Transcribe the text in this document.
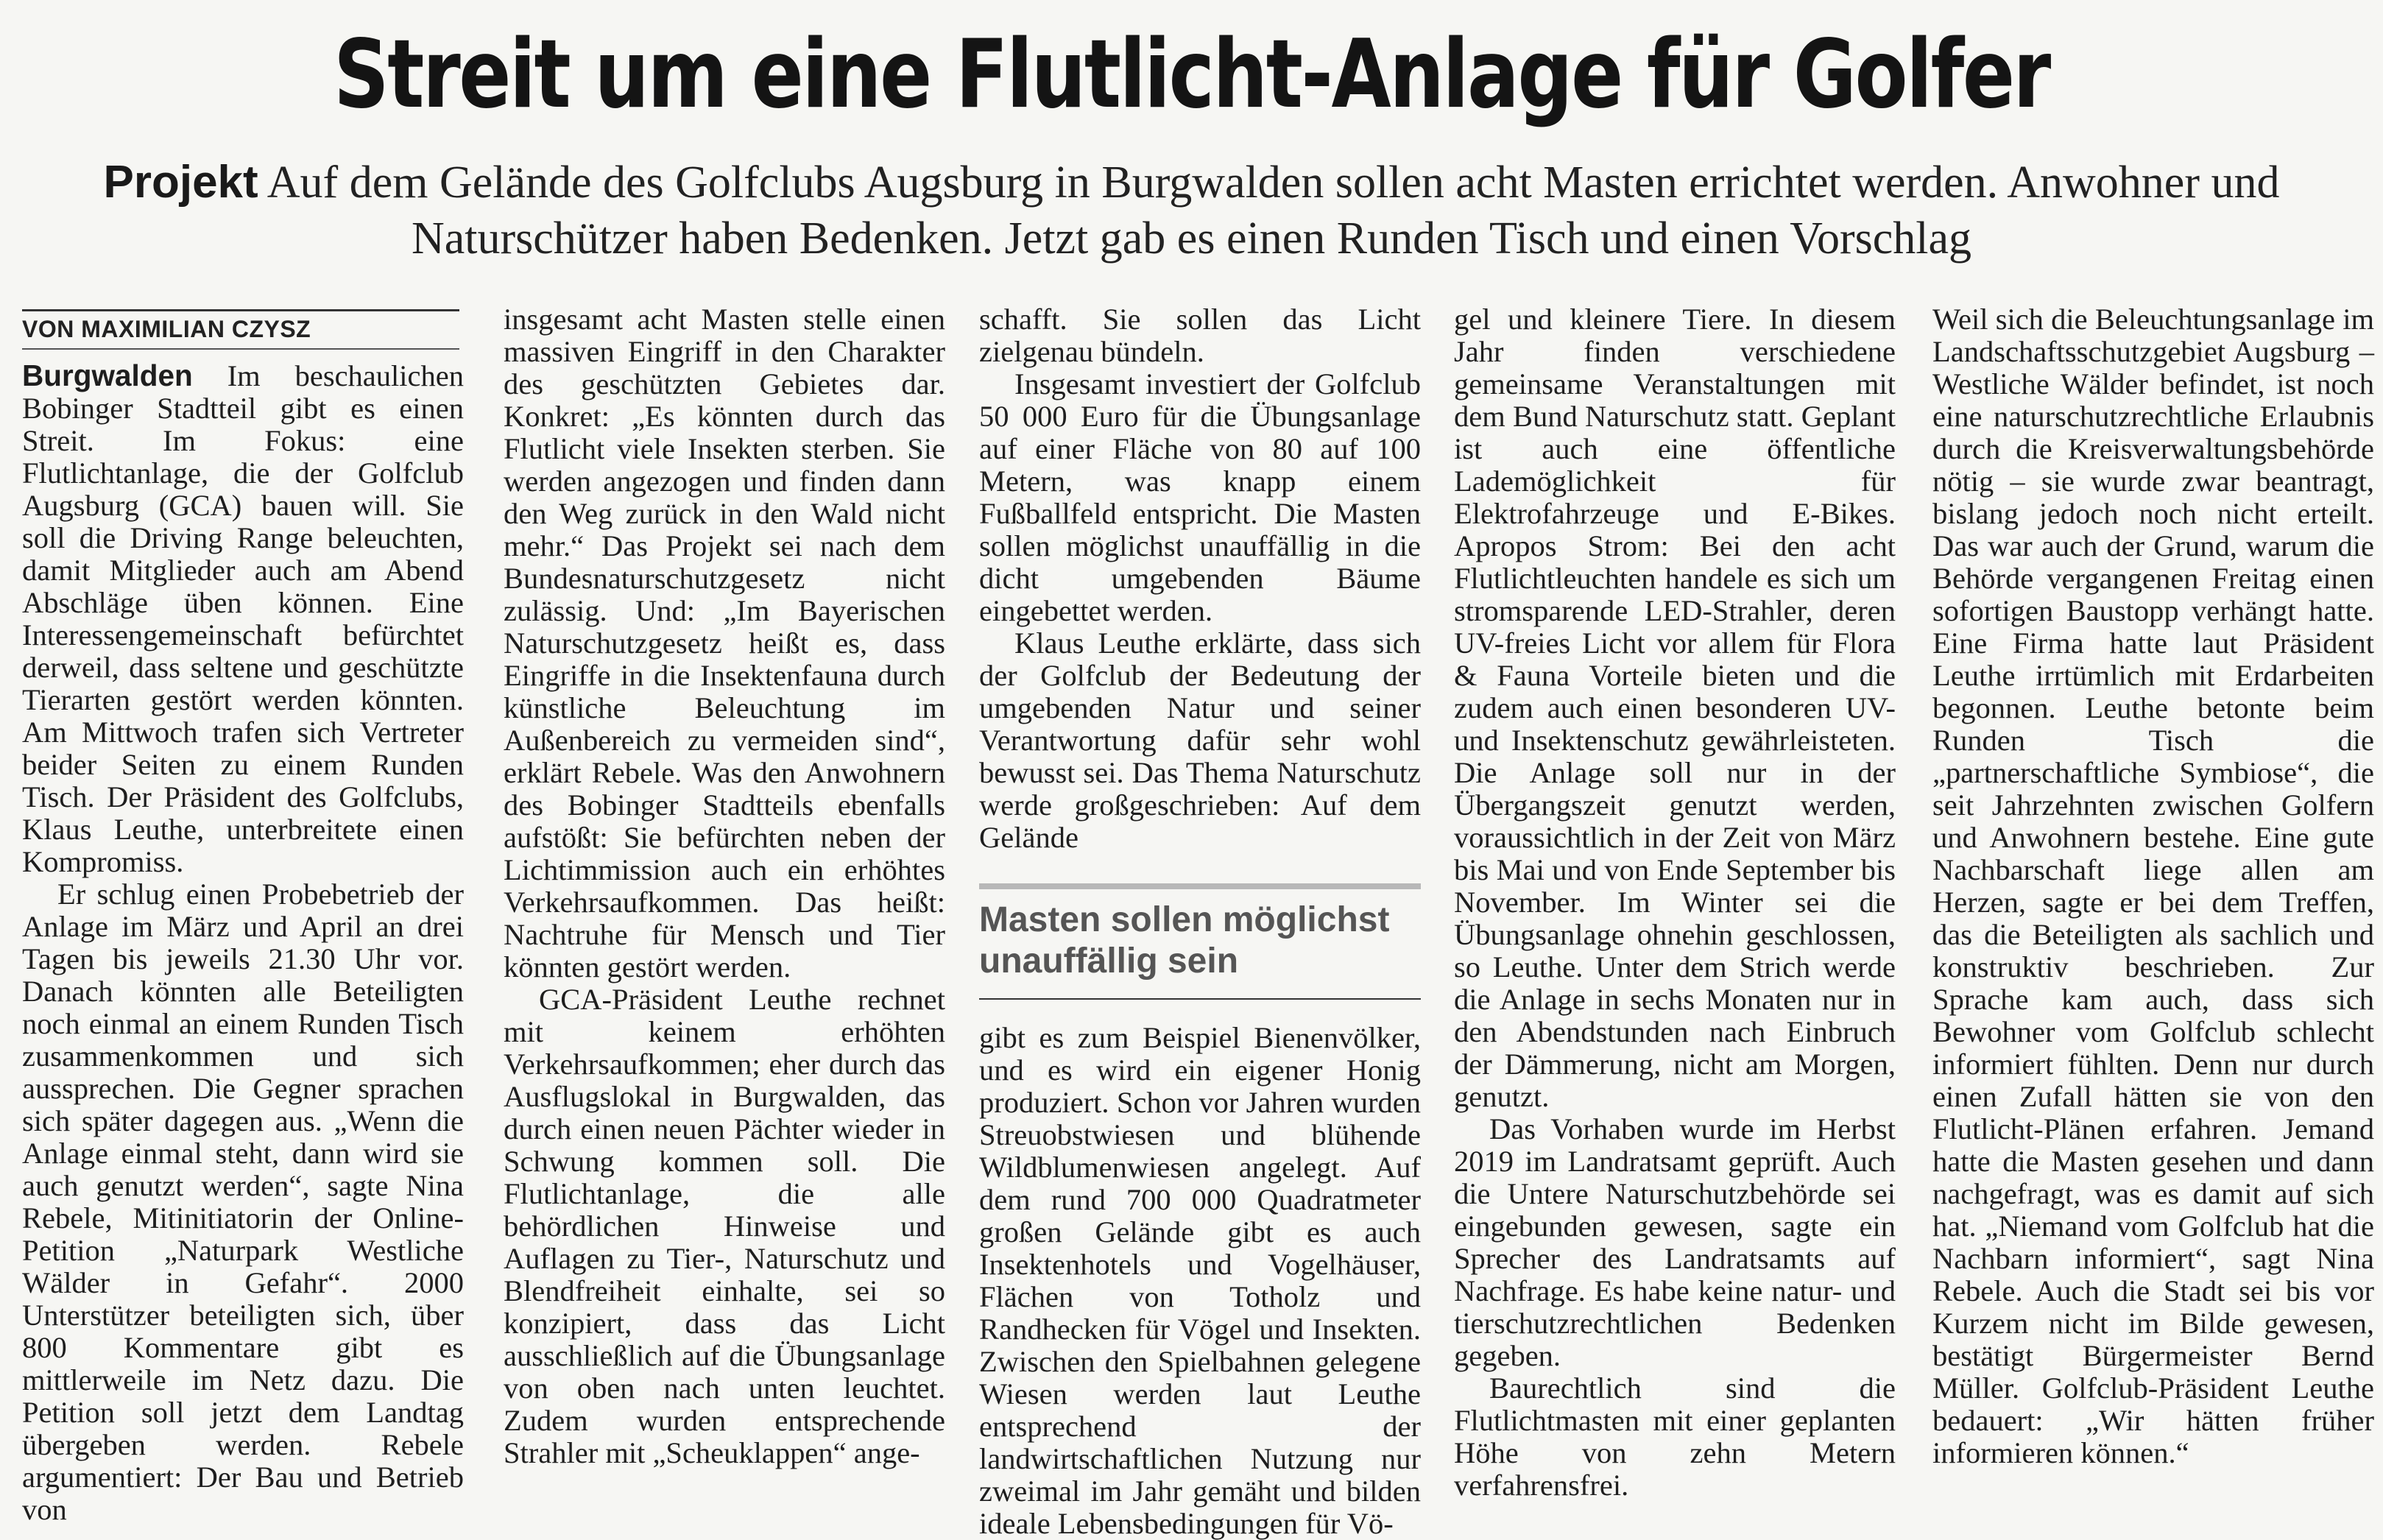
Streit um eine Flutlicht-Anlage für Golfer
Projekt Auf dem Gelände des Golfclubs Augsburg in Burgwalden sollen acht Masten errichtet werden. Anwohner und Naturschützer haben Bedenken. Jetzt gab es einen Runden Tisch und einen Vorschlag
VON MAXIMILIAN CZYSZ

Burgwalden Im beschaulichen Bobinger Stadtteil gibt es einen Streit. Im Fokus: eine Flutlichtanlage, die der Golfclub Augsburg (GCA) bauen will. Sie soll die Driving Range beleuchten, damit Mitglieder auch am Abend Abschläge üben können. Eine Interessengemeinschaft befürchtet derweil, dass seltene und geschützte Tierarten gestört werden könnten. Am Mittwoch trafen sich Vertreter beider Seiten zu einem Runden Tisch. Der Präsident des Golfclubs, Klaus Leuthe, unterbreitete einen Kompromiss.

Er schlug einen Probebetrieb der Anlage im März und April an drei Tagen bis jeweils 21.30 Uhr vor. Danach könnten alle Beteiligten noch einmal an einem Runden Tisch zusammenkommen und sich aussprechen. Die Gegner sprachen sich später dagegen aus. „Wenn die Anlage einmal steht, dann wird sie auch genutzt werden“, sagte Nina Rebele, Mitinitiatorin der Online-Petition „Naturpark Westliche Wälder in Gefahr“. 2000 Unterstützer beteiligten sich, über 800 Kommentare gibt es mittlerweile im Netz dazu. Die Petition soll jetzt dem Landtag übergeben werden. Rebele argumentiert: Der Bau und Betrieb von

insgesamt acht Masten stelle einen massiven Eingriff in den Charakter des geschützten Gebietes dar. Konkret: „Es könnten durch das Flutlicht viele Insekten sterben. Sie werden angezogen und finden dann den Weg zurück in den Wald nicht mehr.“ Das Projekt sei nach dem Bundesnaturschutzgesetz nicht zulässig. Und: „Im Bayerischen Naturschutzgesetz heißt es, dass Eingriffe in die Insektenfauna durch künstliche Beleuchtung im Außenbereich zu vermeiden sind“, erklärt Rebele. Was den Anwohnern des Bobinger Stadtteils ebenfalls aufstößt: Sie befürchten neben der Lichtimmission auch ein erhöhtes Verkehrsaufkommen. Das heißt: Nachtruhe für Mensch und Tier könnten gestört werden.

GCA-Präsident Leuthe rechnet mit keinem erhöhten Verkehrsaufkommen; eher durch das Ausflugslokal in Burgwalden, das durch einen neuen Pächter wieder in Schwung kommen soll. Die Flutlichtanlage, die alle behördlichen Hinweise und Auflagen zu Tier-, Naturschutz und Blendfreiheit einhalte, sei so konzipiert, dass das Licht ausschließlich auf die Übungsanlage von oben nach unten leuchtet. Zudem wurden entsprechende Strahler mit „Scheuklappen“ ange-

schafft. Sie sollen das Licht zielgenau bündeln.

Insgesamt investiert der Golfclub 50 000 Euro für die Übungsanlage auf einer Fläche von 80 auf 100 Metern, was knapp einem Fußballfeld entspricht. Die Masten sollen möglichst unauffällig in die dicht umgebenden Bäume eingebettet werden.

Klaus Leuthe erklärte, dass sich der Golfclub der Bedeutung der umgebenden Natur und seiner Verantwortung dafür sehr wohl bewusst sei. Das Thema Naturschutz werde großgeschrieben: Auf dem Gelände

Masten sollen möglichst unauffällig sein

gibt es zum Beispiel Bienenvölker, und es wird ein eigener Honig produziert. Schon vor Jahren wurden Streuobstwiesen und blühende Wildblumenwiesen angelegt. Auf dem rund 700 000 Quadratmeter großen Gelände gibt es auch Insektenhotels und Vogelhäuser, Flächen von Totholz und Randhecken für Vögel und Insekten. Zwischen den Spielbahnen gelegene Wiesen werden laut Leuthe entsprechend der landwirtschaftlichen Nutzung nur zweimal im Jahr gemäht und bilden ideale Lebensbedingungen für Vö-

gel und kleinere Tiere. In diesem Jahr finden verschiedene gemeinsame Veranstaltungen mit dem Bund Naturschutz statt. Geplant ist auch eine öffentliche Lademöglichkeit für Elektrofahrzeuge und E-Bikes. Apropos Strom: Bei den acht Flutlichtleuchten handele es sich um stromsparende LED-Strahler, deren UV-freies Licht vor allem für Flora & Fauna Vorteile bieten und die zudem auch einen besonderen UV- und Insektenschutz gewährleisteten. Die Anlage soll nur in der Übergangszeit genutzt werden, voraussichtlich in der Zeit von März bis Mai und von Ende September bis November. Im Winter sei die Übungsanlage ohnehin geschlossen, so Leuthe. Unter dem Strich werde die Anlage in sechs Monaten nur in den Abendstunden nach Einbruch der Dämmerung, nicht am Morgen, genutzt.

Das Vorhaben wurde im Herbst 2019 im Landratsamt geprüft. Auch die Untere Naturschutzbehörde sei eingebunden gewesen, sagte ein Sprecher des Landratsamts auf Nachfrage. Es habe keine natur- und tierschutzrechtlichen Bedenken gegeben.

Baurechtlich sind die Flutlichtmasten mit einer geplanten Höhe von zehn Metern verfahrensfrei.

Weil sich die Beleuchtungsanlage im Landschaftsschutzgebiet Augsburg – Westliche Wälder befindet, ist noch eine naturschutzrechtliche Erlaubnis durch die Kreisverwaltungsbehörde nötig – sie wurde zwar beantragt, bislang jedoch noch nicht erteilt. Das war auch der Grund, warum die Behörde vergangenen Freitag einen sofortigen Baustopp verhängt hatte. Eine Firma hatte laut Präsident Leuthe irrtümlich mit Erdarbeiten begonnen. Leuthe betonte beim Runden Tisch die „partnerschaftliche Symbiose“, die seit Jahrzehnten zwischen Golfern und Anwohnern bestehe. Eine gute Nachbarschaft liege allen am Herzen, sagte er bei dem Treffen, das die Beteiligten als sachlich und konstruktiv beschrieben. Zur Sprache kam auch, dass sich Bewohner vom Golfclub schlecht informiert fühlten. Denn nur durch einen Zufall hätten sie von den Flutlicht-Plänen erfahren. Jemand hatte die Masten gesehen und dann nachgefragt, was es damit auf sich hat. „Niemand vom Golfclub hat die Nachbarn informiert“, sagt Nina Rebele. Auch die Stadt sei bis vor Kurzem nicht im Bilde gewesen, bestätigt Bürgermeister Bernd Müller. Golfclub-Präsident Leuthe bedauert: „Wir hätten früher informieren können.“
